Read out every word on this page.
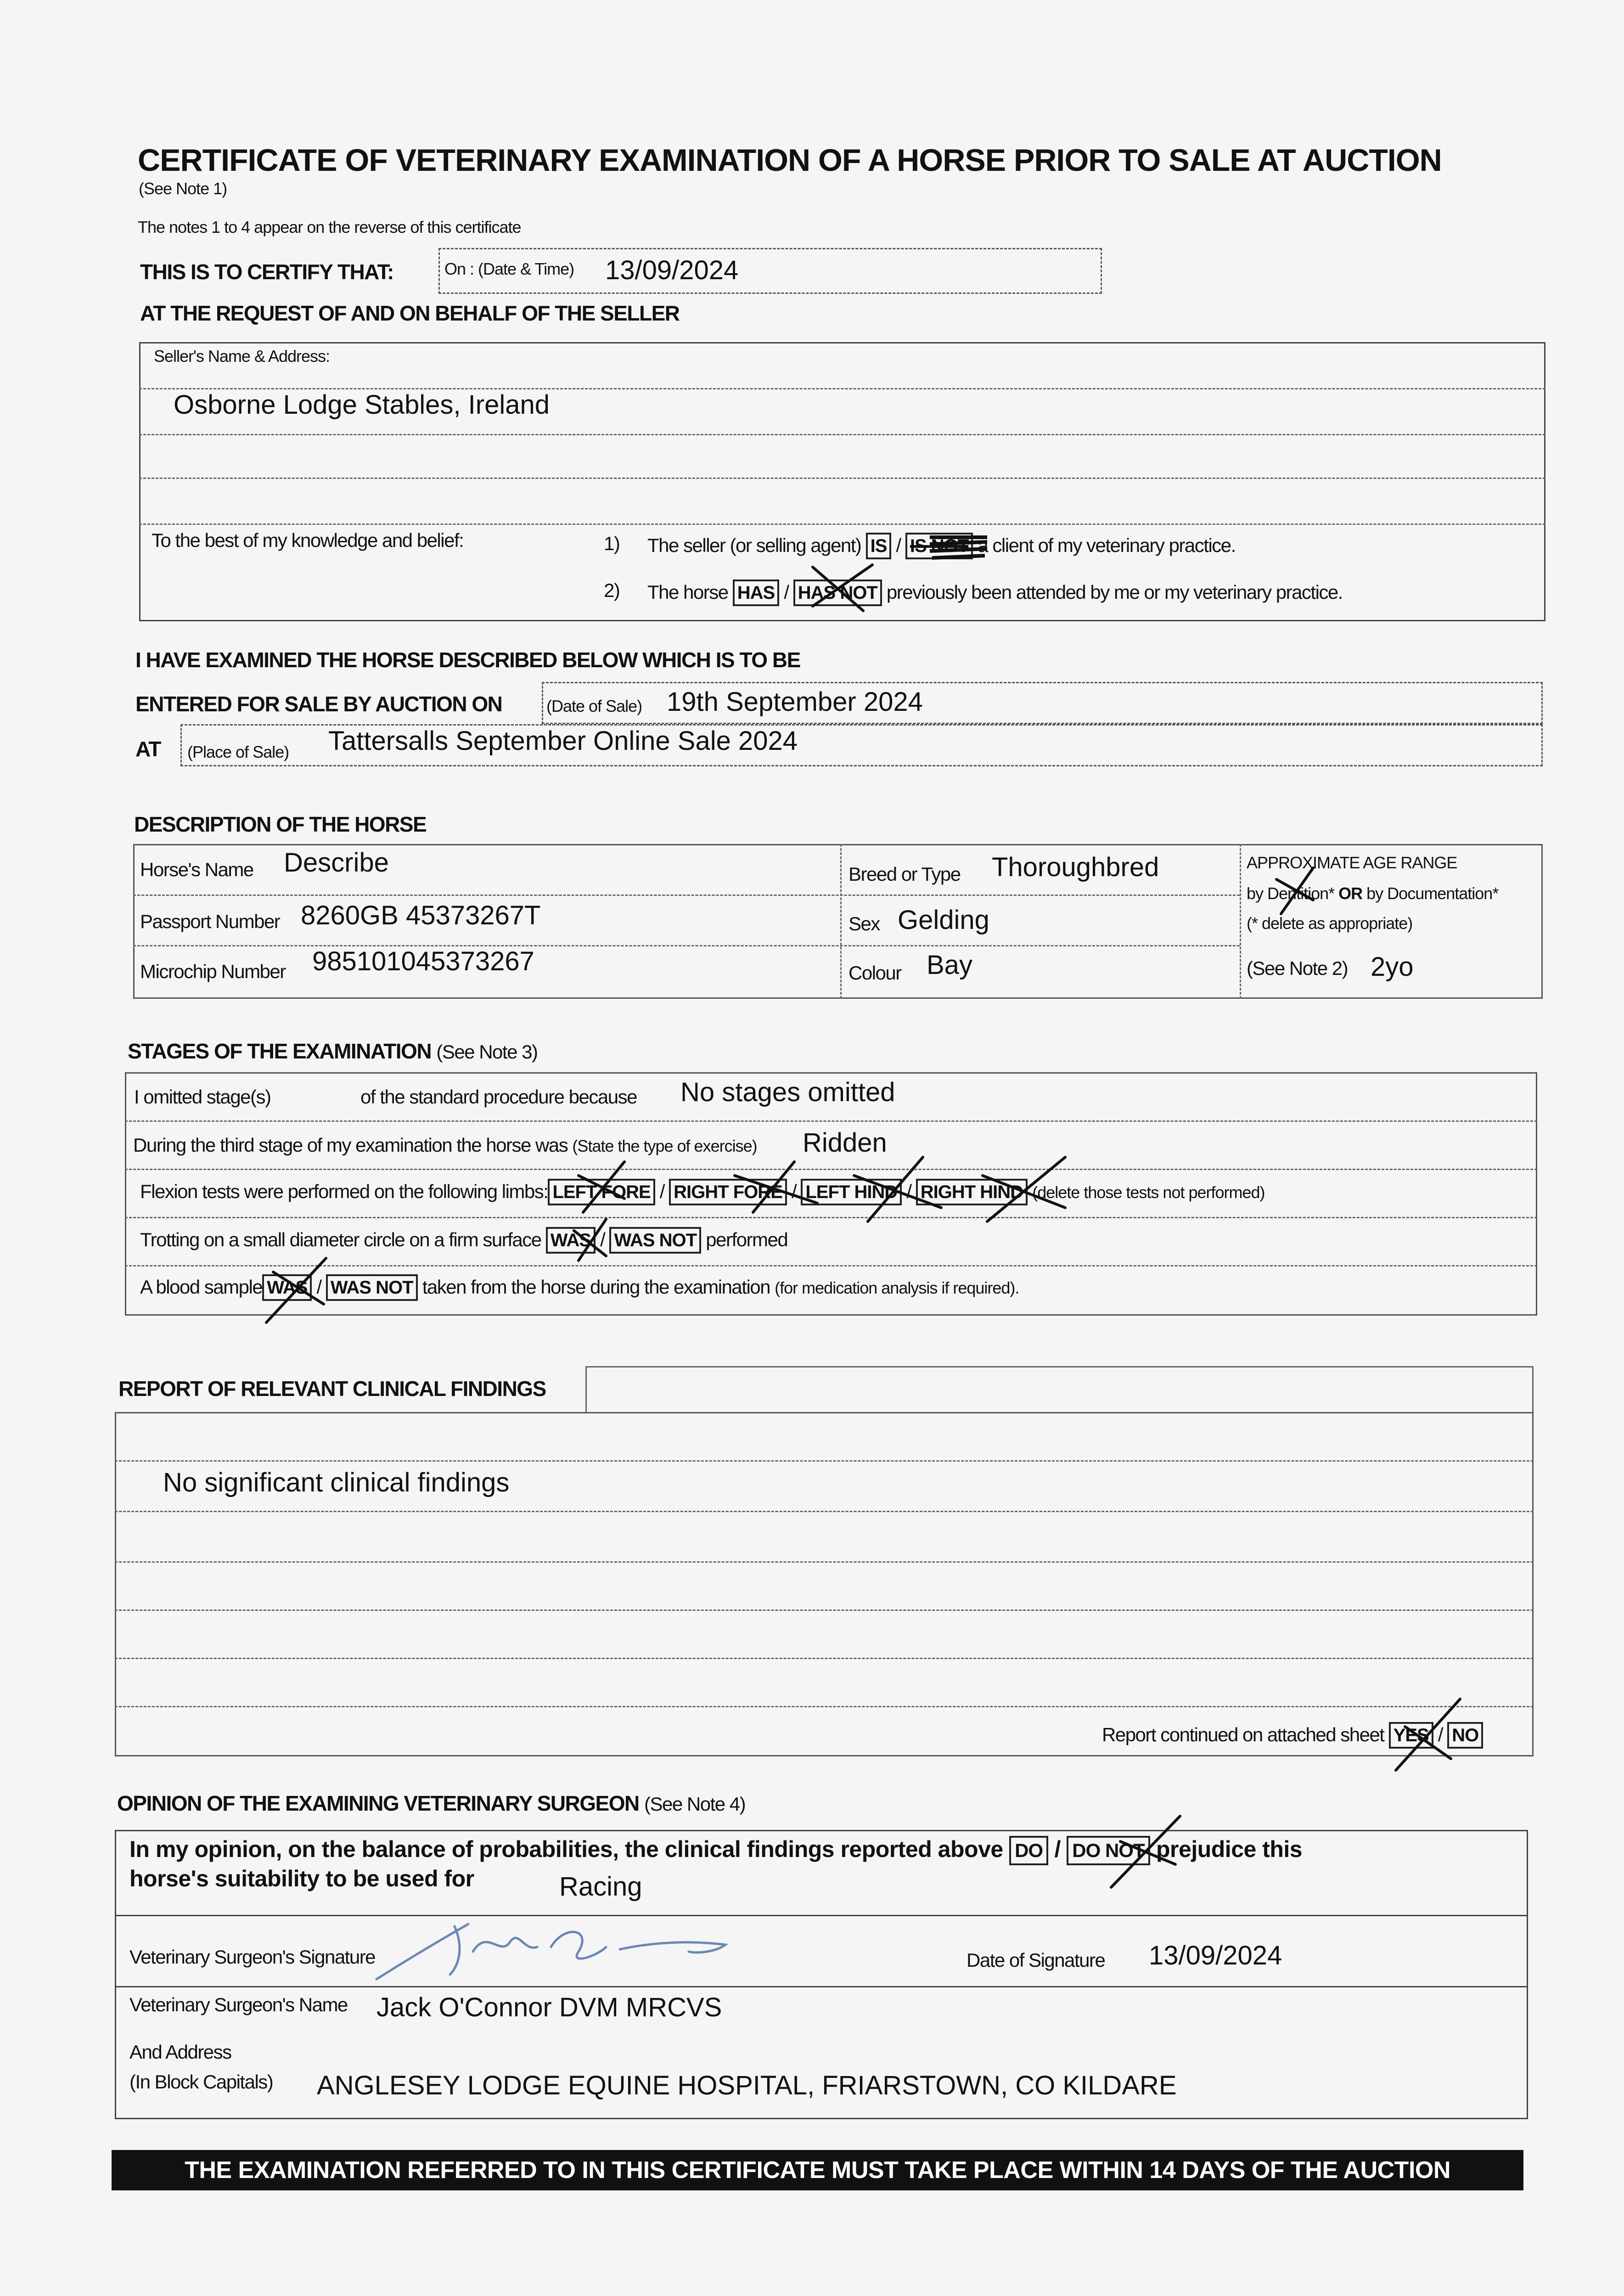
CERTIFICATE OF VETERINARY EXAMINATION OF A HORSE PRIOR TO SALE AT AUCTION
(See Note 1)
The notes 1 to 4 appear on the reverse of this certificate
THIS IS TO CERTIFY THAT:	On : (Date & Time) 13/09/2024
AT THE REQUEST OF AND ON BEHALF OF THE SELLER
Seller's Name & Address:
Osborne Lodge Stables, Ireland
To the best of my knowledge and belief:	1) The seller (or selling agent) IS / IS NOT a client of my veterinary practice.
2) The horse HAS / HAS NOT previously been attended by me or my veterinary practice.
I HAVE EXAMINED THE HORSE DESCRIBED BELOW WHICH IS TO BE
ENTERED FOR SALE BY AUCTION ON	(Date of Sale) 19th September 2024
AT (Place of Sale) Tattersalls September Online Sale 2024
DESCRIPTION OF THE HORSE
Horse's Name Describe
Passport Number 8260GB 45373267T
Microchip Number 985101045373267
Breed or Type Thoroughbred
Sex Gelding
Colour Bay
APPROXIMATE AGE RANGE
by Dentition* OR by Documentation*
(* delete as appropriate)
(See Note 2) 2yo
STAGES OF THE EXAMINATION (See Note 3)
I omitted stage(s)	of the standard procedure because No stages omitted
During the third stage of my examination the horse was (State the type of exercise) Ridden
Flexion tests were performed on the following limbs: LEFT FORE / RIGHT FORE / LEFT HIND / RIGHT HIND (delete those tests not performed)
Trotting on a small diameter circle on a firm surface WAS / WAS NOT performed
A blood sample WAS / WAS NOT taken from the horse during the examination (for medication analysis if required).
REPORT OF RELEVANT CLINICAL FINDINGS
No significant clinical findings
Report continued on attached sheet YES / NO
OPINION OF THE EXAMINING VETERINARY SURGEON (See Note 4)
In my opinion, on the balance of probabilities, the clinical findings reported above DO / DO NOT prejudice this
horse's suitability to be used for	Racing
Veterinary Surgeon's Signature	Date of Signature 13/09/2024
Veterinary Surgeon's Name Jack O'Connor DVM MRCVS
And Address
(In Block Capitals) ANGLESEY LODGE EQUINE HOSPITAL, FRIARSTOWN, CO KILDARE
THE EXAMINATION REFERRED TO IN THIS CERTIFICATE MUST TAKE PLACE WITHIN 14 DAYS OF THE AUCTION
